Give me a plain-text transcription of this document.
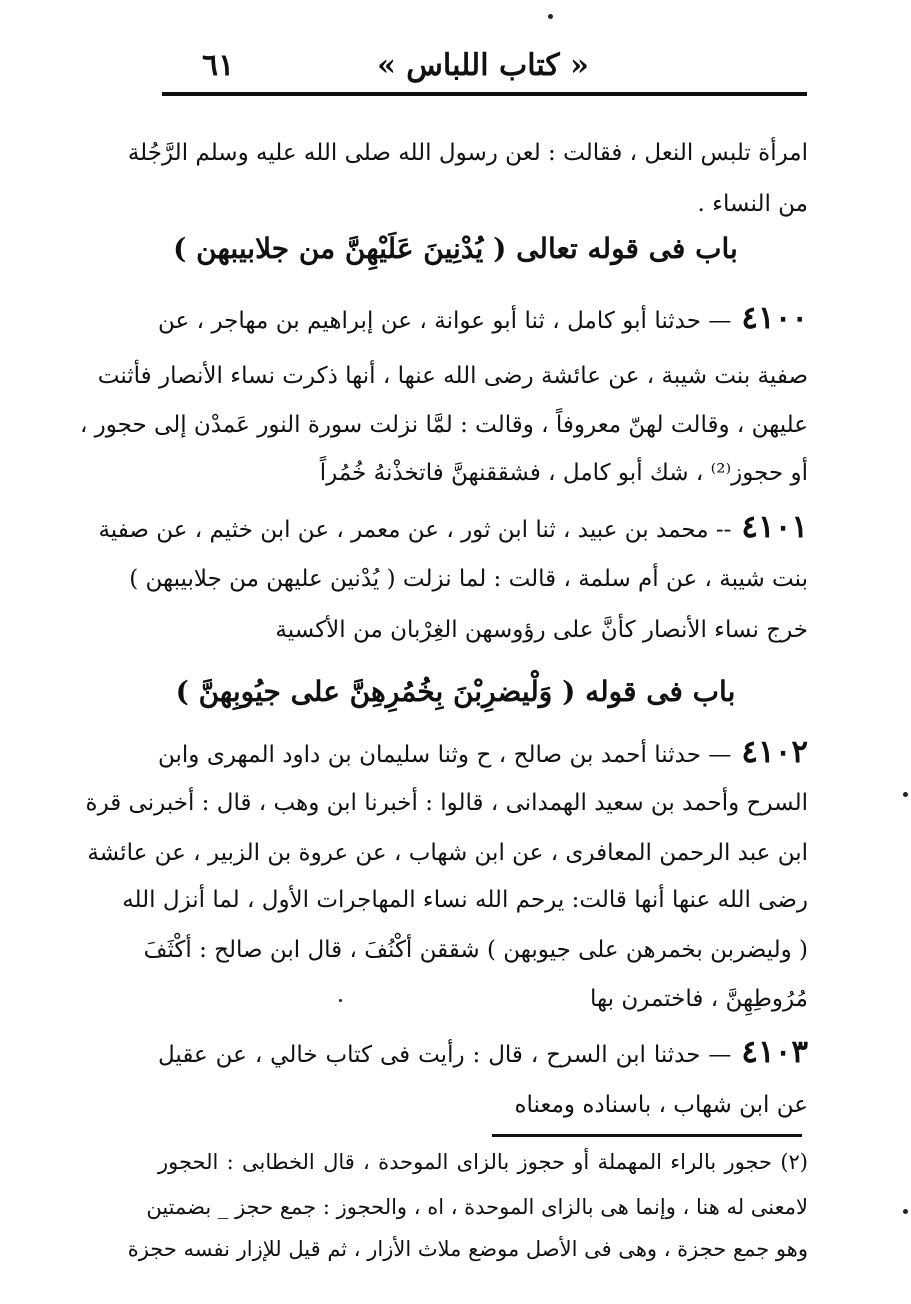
« كتاب اللباس »
٦١
امرأة تلبس النعل ، فقالت : لعن رسول الله صلى الله عليه وسلم الرَّجُلة
من النساء .
باب فى قوله تعالى ( يُدْنِينَ عَلَيْهِنَّ من جلابيبهن )
٤١٠٠— حدثنا أبو كامل ، ثنا أبو عوانة ، عن إبراهيم بن مهاجر ، عن
صفية بنت شيبة ، عن عائشة رضى الله عنها ، أنها ذكرت نساء الأنصار فأثنت
عليهن ، وقالت لهنّ معروفاً ، وقالت : لمَّا نزلت سورة النور عَمدْن إلى حجور ،
أو حجوز⁽²⁾ ، شك أبو كامل ، فشققنهنَّ فاتخذْنهُ خُمُراً
٤١٠١-- محمد بن عبيد ، ثنا ابن ثور ، عن معمر ، عن ابن خثيم ، عن صفية
بنت شيبة ، عن أم سلمة ، قالت : لما نزلت ( يُدْنين عليهن من جلابيبهن )
خرج نساء الأنصار كأنَّ على رؤوسهن الغِرْبان من الأكسية
باب فى قوله ( وَلْيضرِبْنَ بِخُمُرِهِنَّ على جيُوبِهنَّ )
٤١٠٢— حدثنا أحمد بن صالح ، ح وثنا سليمان بن داود المهرى وابن
السرح وأحمد بن سعيد الهمدانى ، قالوا : أخبرنا ابن وهب ، قال : أخبرنى قرة
ابن عبد الرحمن المعافرى ، عن ابن شهاب ، عن عروة بن الزبير ، عن عائشة
رضى الله عنها أنها قالت: يرحم الله نساء المهاجرات الأول ، لما أنزل الله
( وليضربن بخمرهن على جيوبهن ) شققن أكْنُفَ ، قال ابن صالح : أكْثَفَ
مُرُوطِهِنَّ ، فاختمرن بها
٤١٠٣— حدثنا ابن السرح ، قال : رأيت فى كتاب خالي ، عن عقيل
عن ابن شهاب ، باسناده ومعناه
(٢) حجور بالراء المهملة أو حجوز بالزاى الموحدة ، قال الخطابى : الحجور
لامعنى له هنا ، وإنما هى بالزاى الموحدة ، اه ، والحجوز : جمع حجز _ بضمتين
وهو جمع حجزة ، وهى فى الأصل موضع ملاث الأزار ، ثم قيل للإزار نفسه حجزة
